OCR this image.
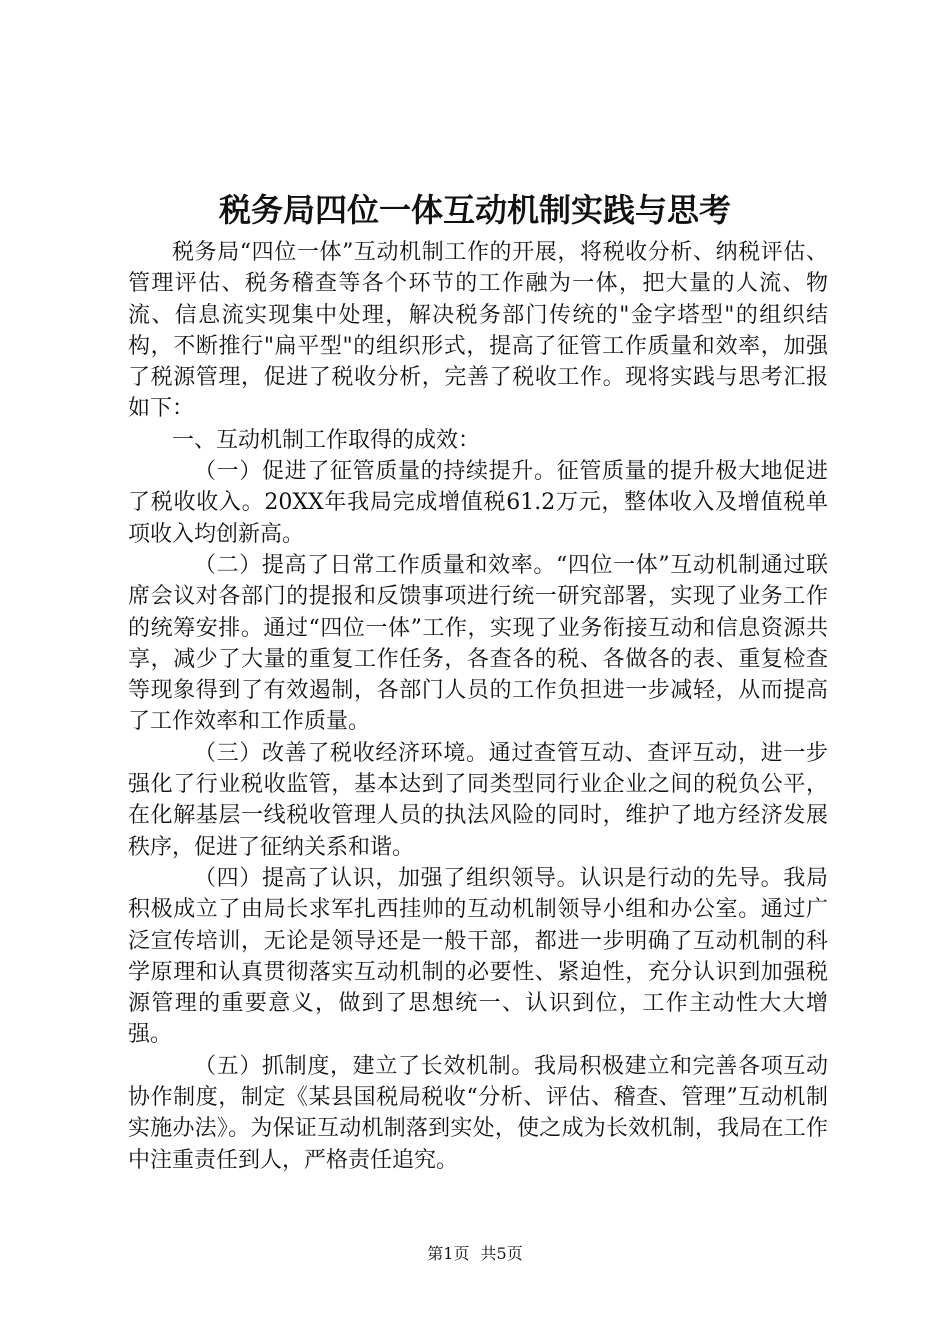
税务局四位一体互动机制实践与思考

税务局“四位一体”互动机制工作的开展，将税收分析、纳税评估、管理评估、税务稽查等各个环节的工作融为一体，把大量的人流、物流、信息流实现集中处理，解决税务部门传统的"金字塔型"的组织结构，不断推行"扁平型"的组织形式，提高了征管工作质量和效率，加强了税源管理，促进了税收分析，完善了税收工作。现将实践与思考汇报如下：

一、互动机制工作取得的成效：

（一）促进了征管质量的持续提升。征管质量的提升极大地促进了税收收入。20XX年我局完成增值税61.2万元，整体收入及增值税单项收入均创新高。

（二）提高了日常工作质量和效率。“四位一体”互动机制通过联席会议对各部门的提报和反馈事项进行统一研究部署，实现了业务工作的统筹安排。通过“四位一体”工作，实现了业务衔接互动和信息资源共享，减少了大量的重复工作任务，各查各的税、各做各的表、重复检查等现象得到了有效遏制，各部门人员的工作负担进一步减轻，从而提高了工作效率和工作质量。

（三）改善了税收经济环境。通过查管互动、查评互动，进一步强化了行业税收监管，基本达到了同类型同行业企业之间的税负公平，在化解基层一线税收管理人员的执法风险的同时，维护了地方经济发展秩序，促进了征纳关系和谐。

（四）提高了认识，加强了组织领导。认识是行动的先导。我局积极成立了由局长求军扎西挂帅的互动机制领导小组和办公室。通过广泛宣传培训，无论是领导还是一般干部，都进一步明确了互动机制的科学原理和认真贯彻落实互动机制的必要性、紧迫性，充分认识到加强税源管理的重要意义，做到了思想统一、认识到位，工作主动性大大增强。

（五）抓制度，建立了长效机制。我局积极建立和完善各项互动协作制度，制定《某县国税局税收“分析、评估、稽查、管理”互动机制实施办法》。为保证互动机制落到实处，使之成为长效机制，我局在工作中注重责任到人，严格责任追究。

第1页 共5页
